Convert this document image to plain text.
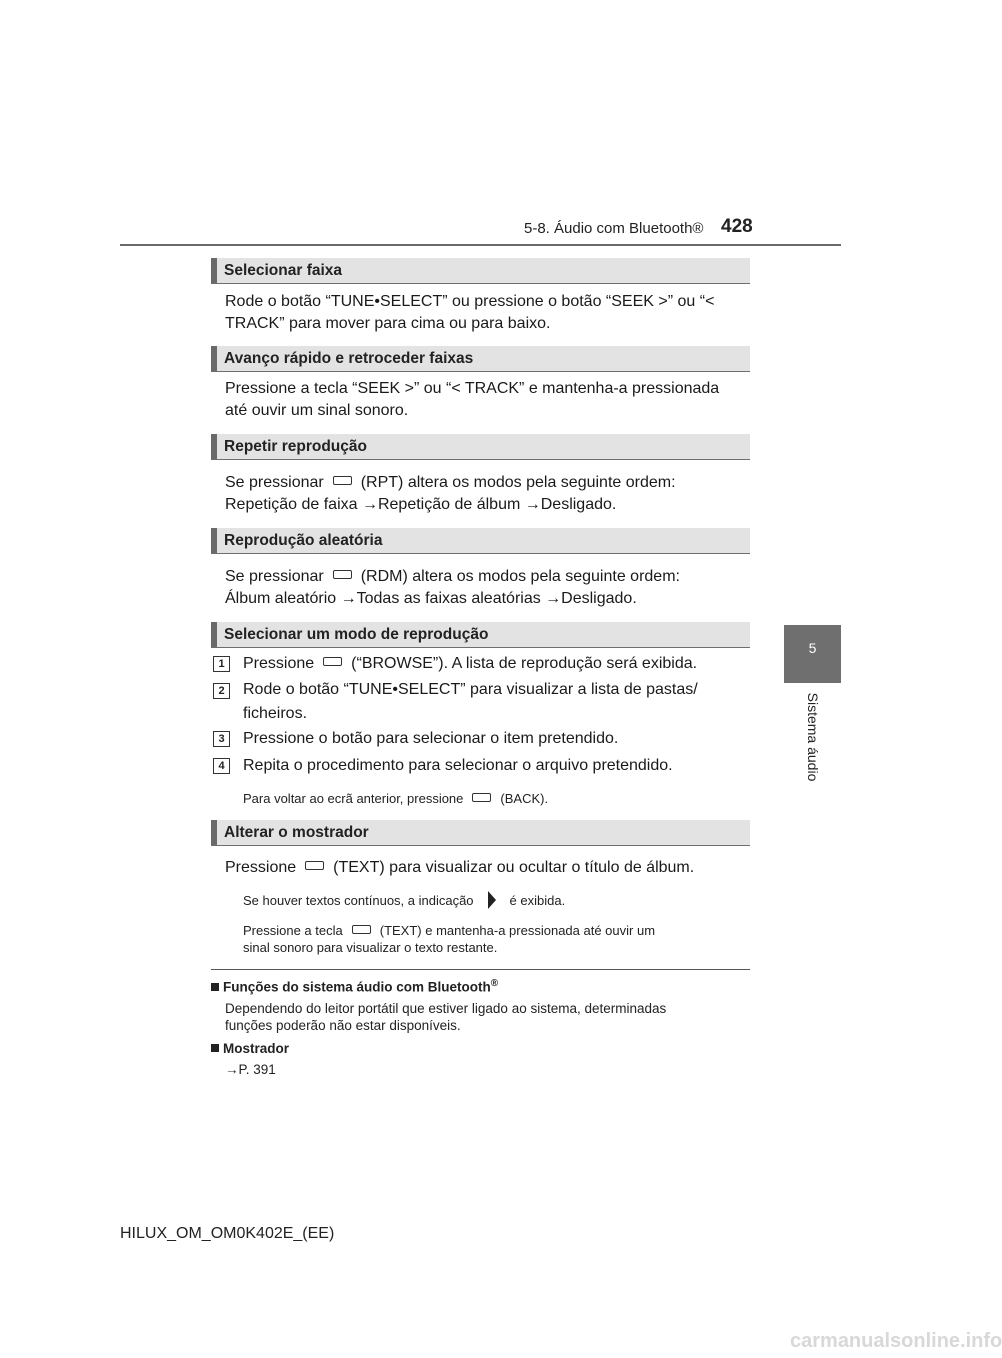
5-8. Áudio com Bluetooth® 428
5
Sistema áudio
Selecionar faixa
Rode o botão “TUNE•SELECT” ou pressione o botão “SEEK >” ou “<
TRACK” para mover para cima ou para baixo.
Avanço rápido e retroceder faixas
Pressione a tecla “SEEK >” ou “< TRACK” e mantenha-a pressionada
até ouvir um sinal sonoro.
Repetir reprodução
Se pressionar (RPT) altera os modos pela seguinte ordem:
Repetição de faixa →Repetição de álbum →Desligado.
Reprodução aleatória
Se pressionar (RDM) altera os modos pela seguinte ordem:
Álbum aleatório →Todas as faixas aleatórias →Desligado.
Selecionar um modo de reprodução
1	Pressione (“BROWSE”). A lista de reprodução será exibida.
2	Rode o botão “TUNE•SELECT” para visualizar a lista de pastas/
ficheiros.
3	Pressione o botão para selecionar o item pretendido.
4	Repita o procedimento para selecionar o arquivo pretendido.
Para voltar ao ecrã anterior, pressione	(BACK).
Alterar o mostrador
Pressione (TEXT) para visualizar ou ocultar o título de álbum.
Se houver textos contínuos, a indicação	é exibida.
Pressione a tecla	(TEXT) e mantenha-a pressionada até ouvir um
sinal sonoro para visualizar o texto restante.
Funções do sistema áudio com Bluetooth®
Dependendo do leitor portátil que estiver ligado ao sistema, determinadas
funções poderão não estar disponíveis.
Mostrador
→P. 391
HILUX_OM_OM0K402E_(EE)
carmanualsonline.info
